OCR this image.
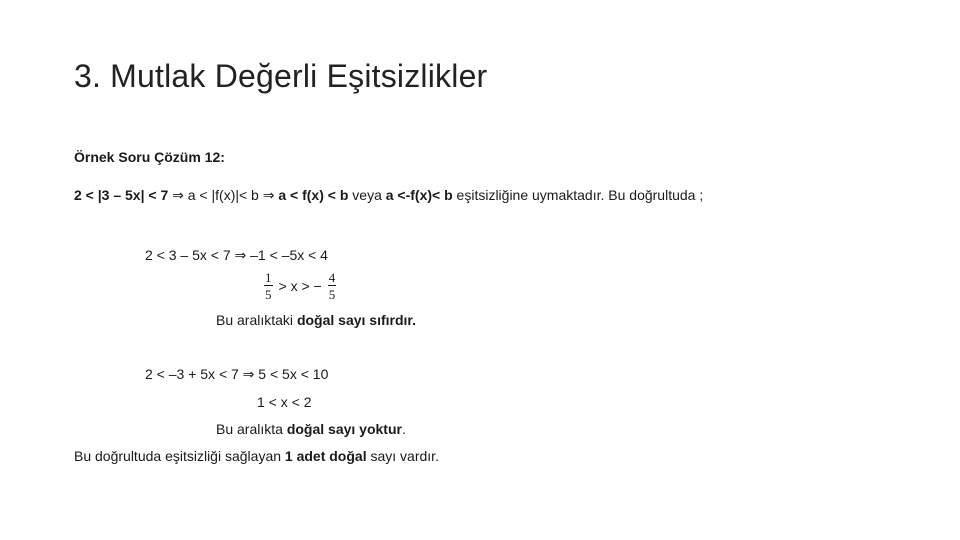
3. Mutlak Değerli Eşitsizlikler
Örnek Soru Çözüm 12:
2 < |3 – 5x| < 7 ⇒ a < |f(x)|< b ⇒ a < f(x) < b veya a <-f(x)< b eşitsizliğine uymaktadır. Bu doğrultuda ;
2 < 3 – 5x < 7 ⇒ –1 < –5x < 4
$\frac{1}{5} > x$ > − $\frac{4}{5}$
Bu aralıktaki doğal sayı sıfırdır.
2 < –3 + 5x < 7 ⇒ 5 < 5x < 10
1 < x < 2
Bu aralıkta doğal sayı yoktur.
Bu doğrultuda eşitsizliği sağlayan 1 adet doğal sayı vardır.
